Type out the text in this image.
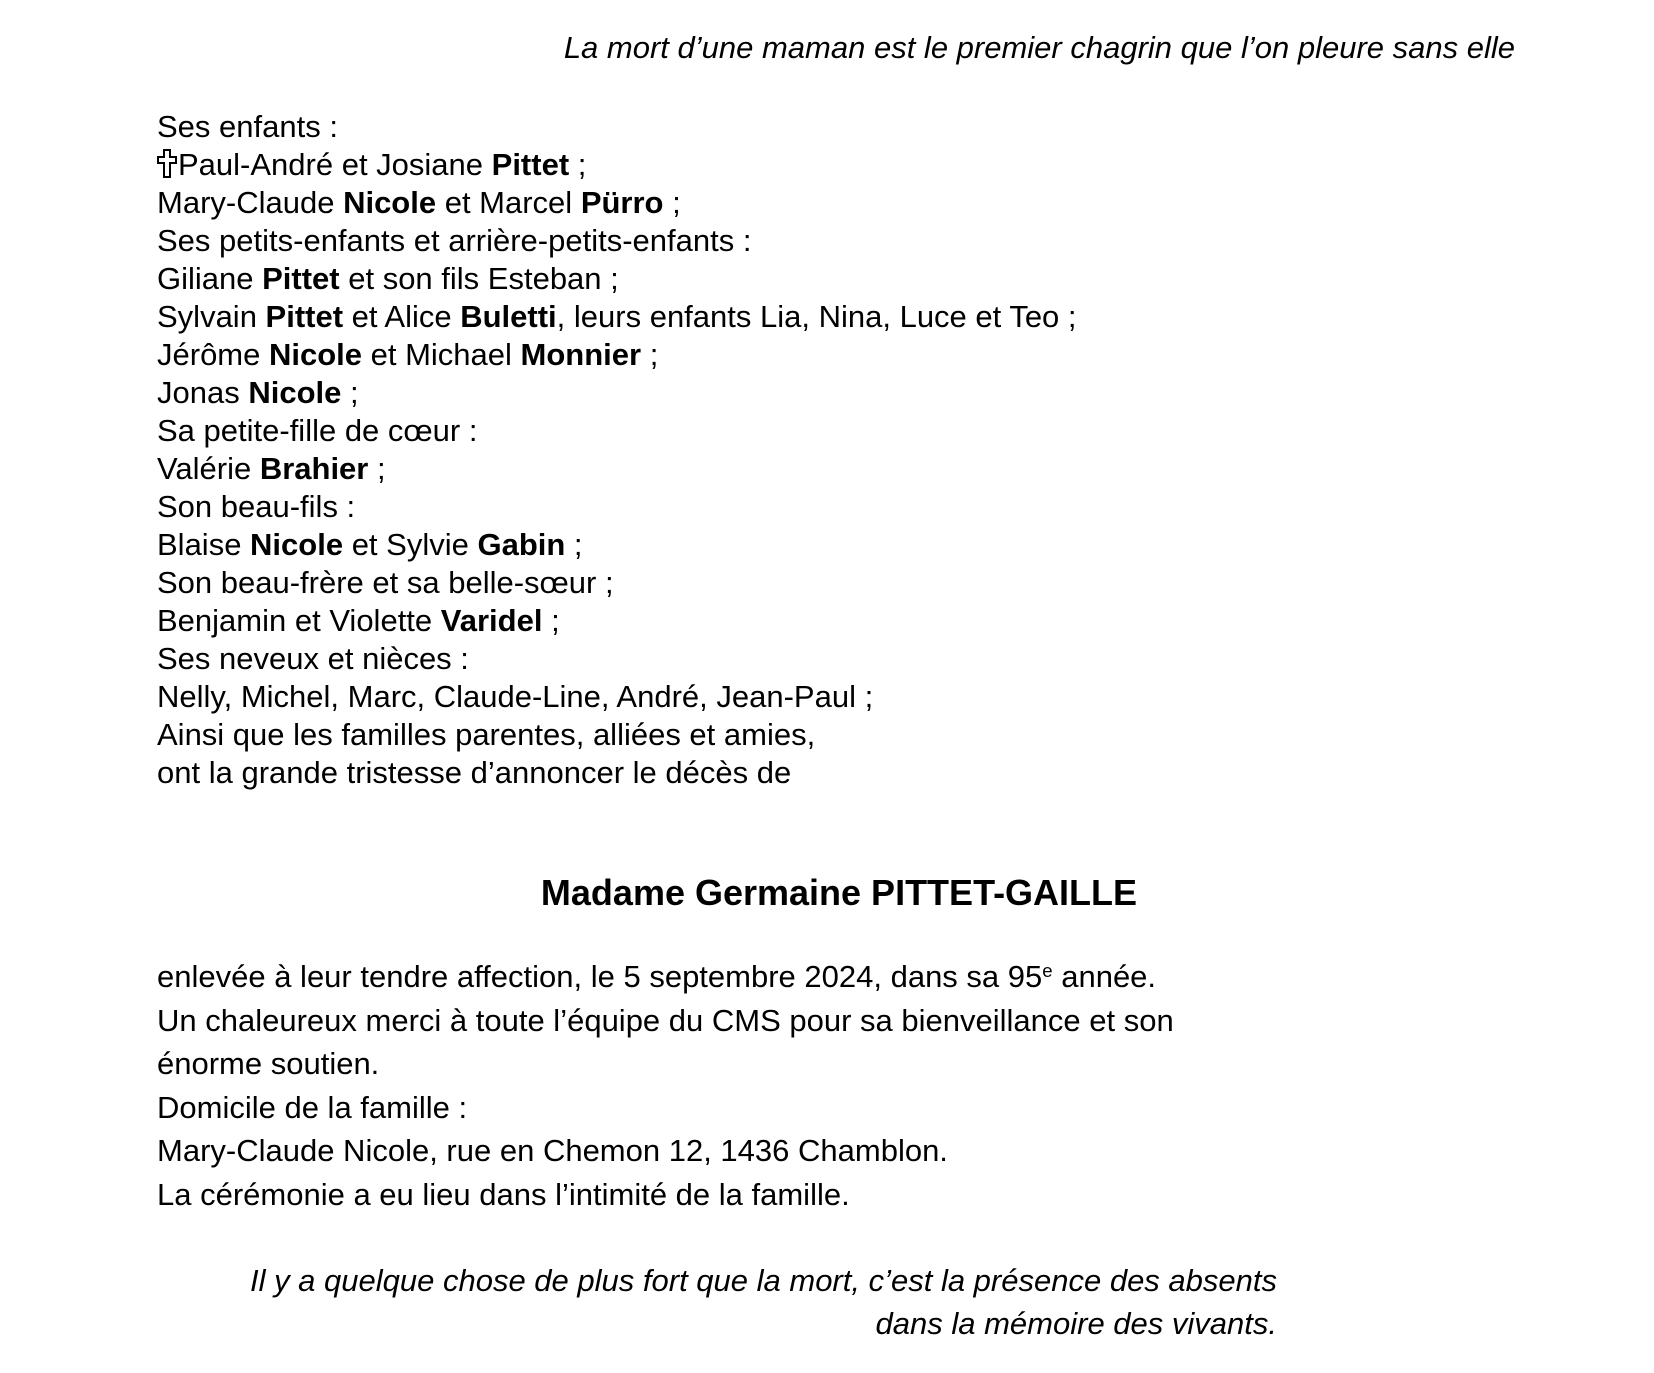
La mort d’une maman est le premier chagrin que l’on pleure sans elle
Ses enfants :
Paul-André et Josiane Pittet ;
Mary-Claude Nicole et Marcel Pürro ;
Ses petits-enfants et arrière-petits-enfants :
Giliane Pittet et son fils Esteban ;
Sylvain Pittet et Alice Buletti, leurs enfants Lia, Nina, Luce et Teo ;
Jérôme Nicole et Michael Monnier ;
Jonas Nicole ;
Sa petite-fille de cœur :
Valérie Brahier ;
Son beau-fils :
Blaise Nicole et Sylvie Gabin ;
Son beau-frère et sa belle-sœur ;
Benjamin et Violette Varidel ;
Ses neveux et nièces :
Nelly, Michel, Marc, Claude-Line, André, Jean-Paul ;
Ainsi que les familles parentes, alliées et amies,
ont la grande tristesse d’annoncer le décès de
Madame Germaine PITTET-GAILLE
enlevée à leur tendre affection, le 5 septembre 2024, dans sa 95e année.
Un chaleureux merci à toute l’équipe du CMS pour sa bienveillance et son
énorme soutien.
Domicile de la famille :
Mary-Claude Nicole, rue en Chemon 12, 1436 Chamblon.
La cérémonie a eu lieu dans l’intimité de la famille.
Il y a quelque chose de plus fort que la mort, c’est la présence des absents
dans la mémoire des vivants.
